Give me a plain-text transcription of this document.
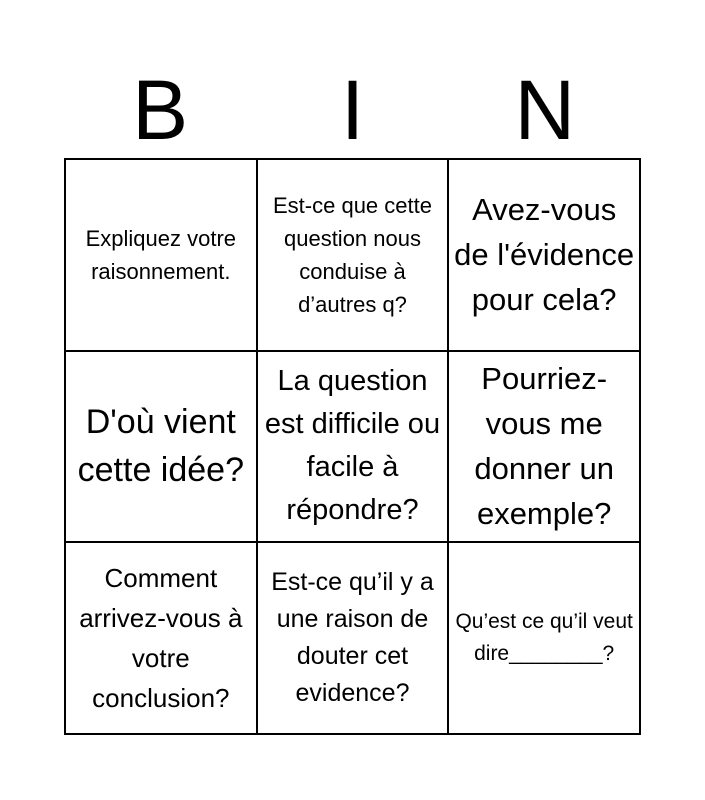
B	I	N
Expliquez votre raisonnement.
Est-ce que cette question nous conduise à d’autres q?
Avez-vous de l'évidence pour cela?
D'où vient cette idée?
La question est difficile ou facile à répondre?
Pourriez-vous me donner un exemple?
Comment arrivez-vous à votre conclusion?
Est-ce qu’il y a une raison de douter cet evidence?
Qu’est ce qu’il veut dire________?
